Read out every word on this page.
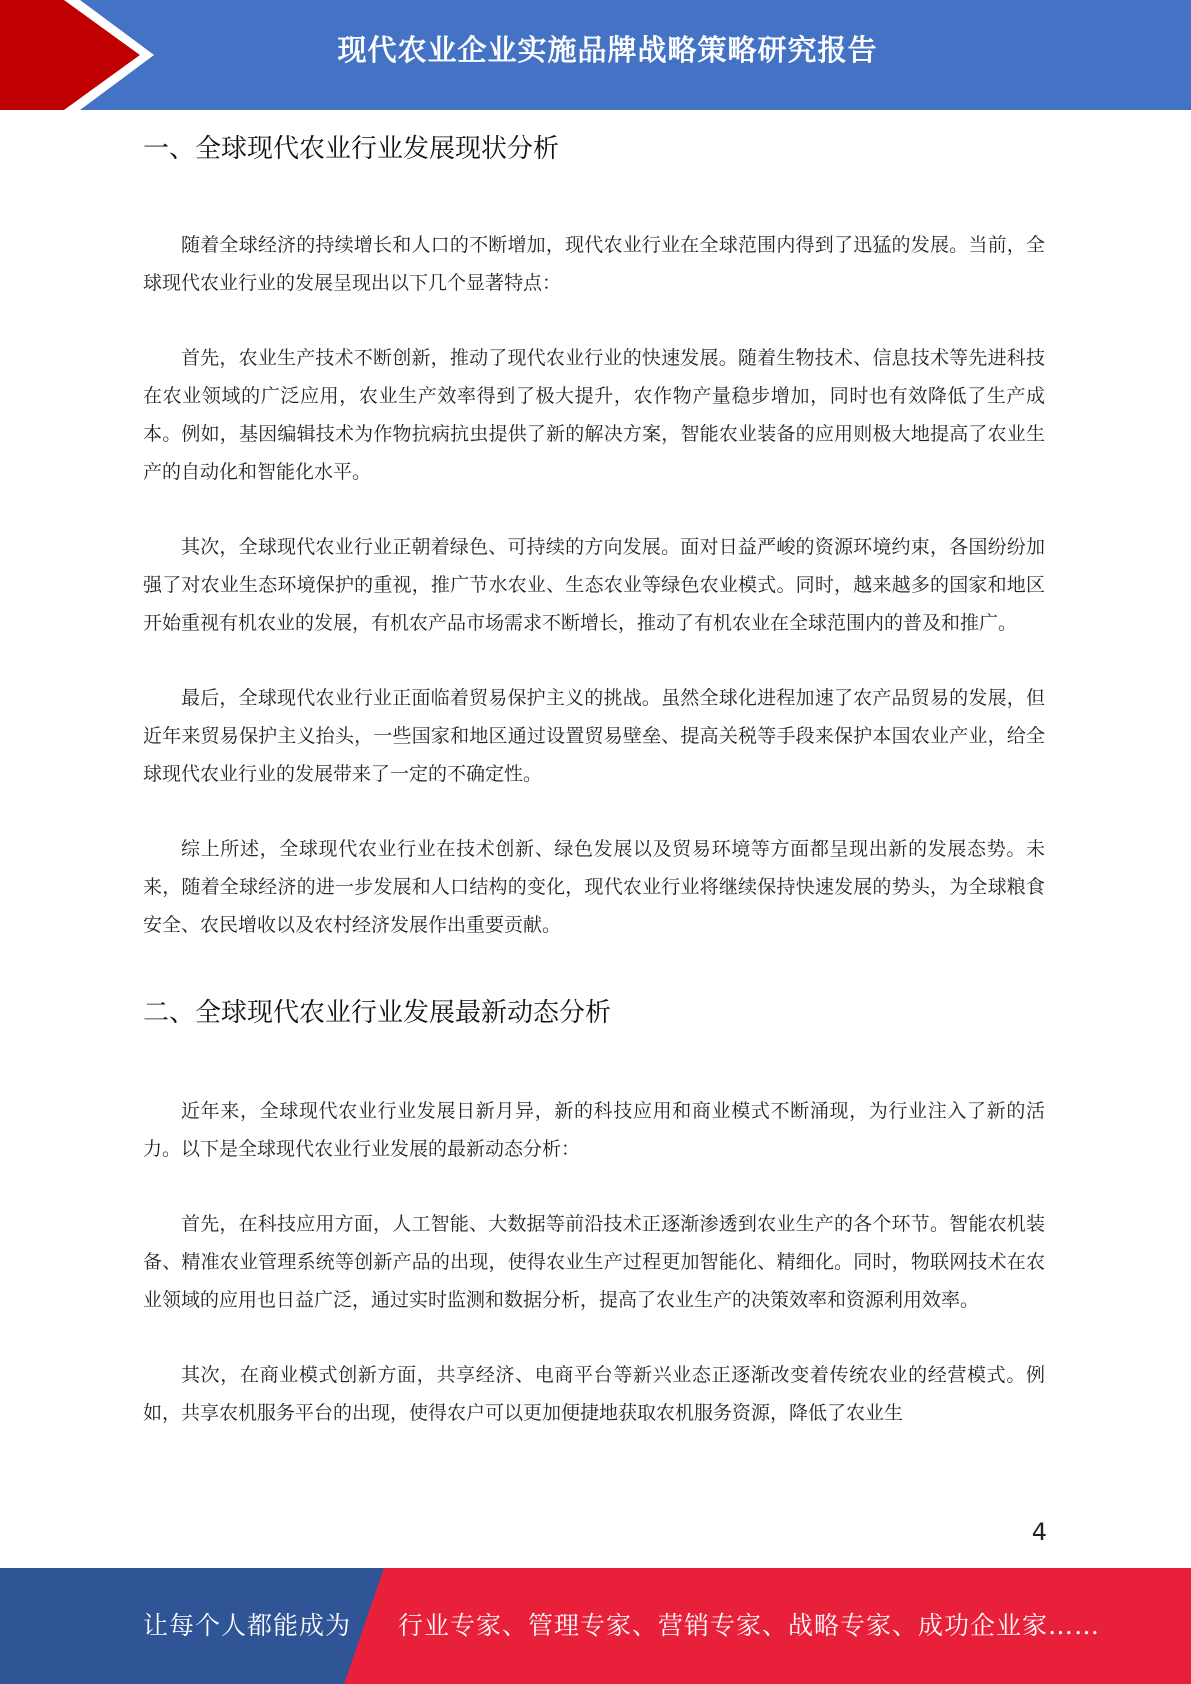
现代农业企业实施品牌战略策略研究报告
一、全球现代农业行业发展现状分析

随着全球经济的持续增长和人口的不断增加，现代农业行业在全球范围内得到了迅猛的发展。当前，全球现代农业行业的发展呈现出以下几个显著特点：

首先，农业生产技术不断创新，推动了现代农业行业的快速发展。随着生物技术、信息技术等先进科技在农业领域的广泛应用，农业生产效率得到了极大提升，农作物产量稳步增加，同时也有效降低了生产成本。例如，基因编辑技术为作物抗病抗虫提供了新的解决方案，智能农业装备的应用则极大地提高了农业生产的自动化和智能化水平。

其次，全球现代农业行业正朝着绿色、可持续的方向发展。面对日益严峻的资源环境约束，各国纷纷加强了对农业生态环境保护的重视，推广节水农业、生态农业等绿色农业模式。同时，越来越多的国家和地区开始重视有机农业的发展，有机农产品市场需求不断增长，推动了有机农业在全球范围内的普及和推广。

最后，全球现代农业行业正面临着贸易保护主义的挑战。虽然全球化进程加速了农产品贸易的发展，但近年来贸易保护主义抬头，一些国家和地区通过设置贸易壁垒、提高关税等手段来保护本国农业产业，给全球现代农业行业的发展带来了一定的不确定性。

综上所述，全球现代农业行业在技术创新、绿色发展以及贸易环境等方面都呈现出新的发展态势。未来，随着全球经济的进一步发展和人口结构的变化，现代农业行业将继续保持快速发展的势头，为全球粮食安全、农民增收以及农村经济发展作出重要贡献。

二、全球现代农业行业发展最新动态分析

近年来，全球现代农业行业发展日新月异，新的科技应用和商业模式不断涌现，为行业注入了新的活力。以下是全球现代农业行业发展的最新动态分析：

首先，在科技应用方面，人工智能、大数据等前沿技术正逐渐渗透到农业生产的各个环节。智能农机装备、精准农业管理系统等创新产品的出现，使得农业生产过程更加智能化、精细化。同时，物联网技术在农业领域的应用也日益广泛，通过实时监测和数据分析，提高了农业生产的决策效率和资源利用效率。

其次，在商业模式创新方面，共享经济、电商平台等新兴业态正逐渐改变着传统农业的经营模式。例如，共享农机服务平台的出现，使得农户可以更加便捷地获取农机服务资源，降低了农业生

4
让每个人都能成为 行业专家、管理专家、营销专家、战略专家、成功企业家……
